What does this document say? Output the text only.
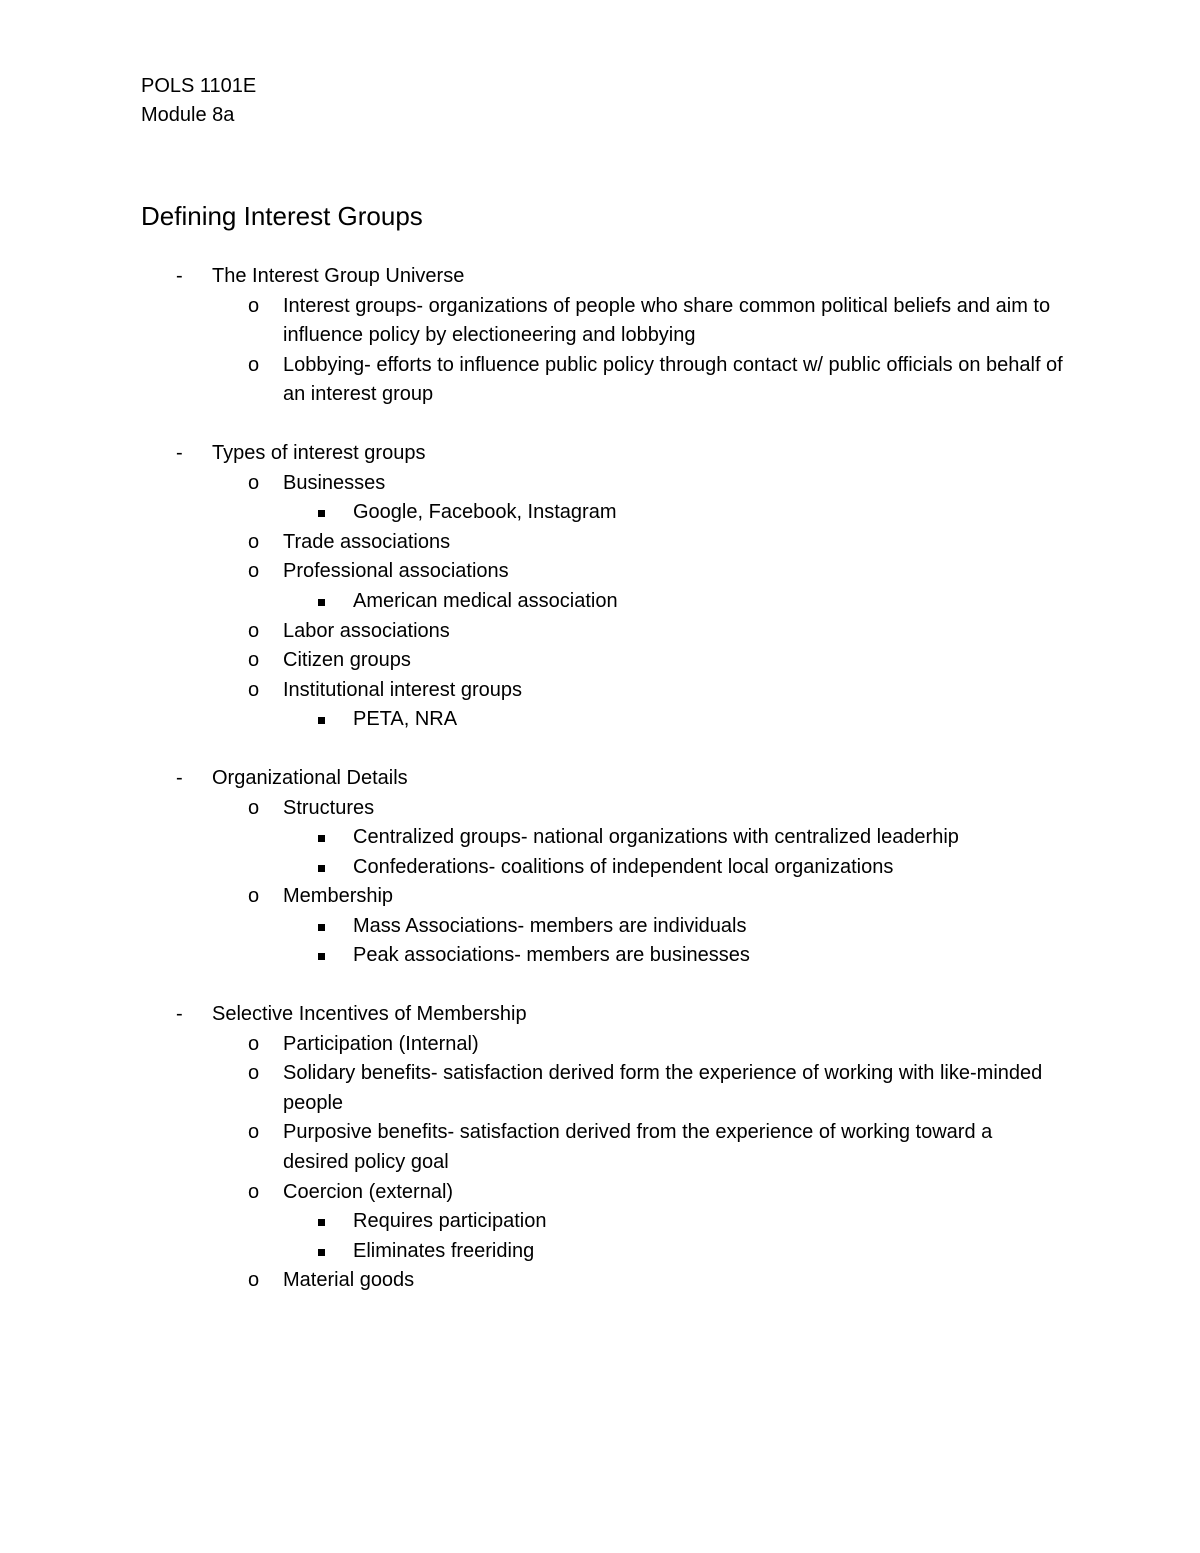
POLS 1101E
Module 8a
Defining Interest Groups
- The Interest Group Universe
o Interest groups- organizations of people who share common political beliefs and aim to influence policy by electioneering and lobbying
o Lobbying- efforts to influence public policy through contact w/ public officials on behalf of an interest group
- Types of interest groups
o Businesses
Google, Facebook, Instagram
o Trade associations
o Professional associations
American medical association
o Labor associations
o Citizen groups
o Institutional interest groups
PETA, NRA
- Organizational Details
o Structures
Centralized groups- national organizations with centralized leaderhip
Confederations- coalitions of independent local organizations
o Membership
Mass Associations- members are individuals
Peak associations- members are businesses
- Selective Incentives of Membership
o Participation (Internal)
o Solidary benefits- satisfaction derived form the experience of working with like-minded people
o Purposive benefits- satisfaction derived from the experience of working toward a desired policy goal
o Coercion (external)
Requires participation
Eliminates freeriding
o Material goods
